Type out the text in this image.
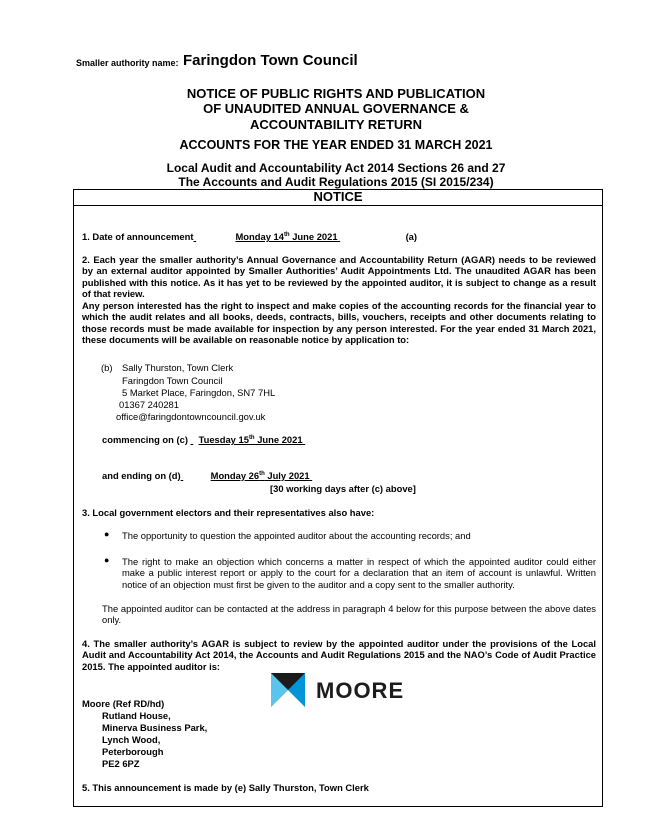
Smaller authority name: Faringdon Town Council
NOTICE OF PUBLIC RIGHTS AND PUBLICATION
OF UNAUDITED ANNUAL GOVERNANCE &
ACCOUNTABILITY RETURN
ACCOUNTS FOR THE YEAR ENDED 31 MARCH 2021
Local Audit and Accountability Act 2014 Sections 26 and 27
The Accounts and Audit Regulations 2015 (SI 2015/234)
NOTICE
1. Date of announcement	Monday 14th June 2021	(a)
2. Each year the smaller authority’s Annual Governance and Accountability Return (AGAR) needs to be reviewed by an external auditor appointed by Smaller Authorities’ Audit Appointments Ltd. The unaudited AGAR has been published with this notice. As it has yet to be reviewed by the appointed auditor, it is subject to change as a result of that review.
Any person interested has the right to inspect and make copies of the accounting records for the financial year to which the audit relates and all books, deeds, contracts, bills, vouchers, receipts and other documents relating to those records must be made available for inspection by any person interested. For the year ended 31 March 2021, these documents will be available on reasonable notice by application to:
(b) Sally Thurston, Town Clerk
Faringdon Town Council
5 Market Place, Faringdon, SN7 7HL
01367 240281
office@faringdontowncouncil.gov.uk
commencing on (c) Tuesday 15th June 2021
and ending on (d)	Monday 26th July 2021
[30 working days after (c) above]
3. Local government electors and their representatives also have:
● The opportunity to question the appointed auditor about the accounting records; and
● The right to make an objection which concerns a matter in respect of which the appointed auditor could either make a public interest report or apply to the court for a declaration that an item of account is unlawful. Written notice of an objection must first be given to the auditor and a copy sent to the smaller authority.
The appointed auditor can be contacted at the address in paragraph 4 below for this purpose between the above dates only.
4. The smaller authority’s AGAR is subject to review by the appointed auditor under the provisions of the Local Audit and Accountability Act 2014, the Accounts and Audit Regulations 2015 and the NAO’s Code of Audit Practice 2015. The appointed auditor is:
MOORE
Moore (Ref RD/hd)
Rutland House,
Minerva Business Park,
Lynch Wood,
Peterborough
PE2 6PZ
5. This announcement is made by (e) Sally Thurston, Town Clerk
